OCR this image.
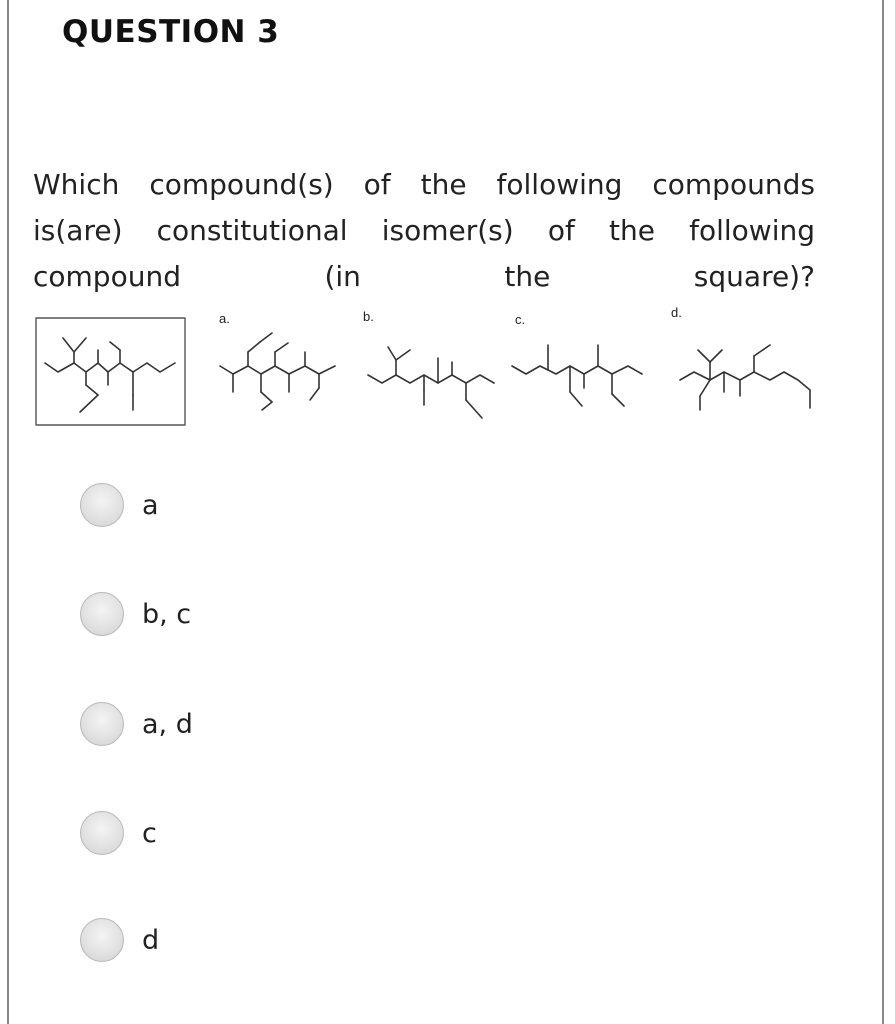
QUESTION 3
Which compound(s) of the following compounds
is(are) constitutional isomer(s) of the following
compound	(in	the	square)?
a.	b.	c.	d.
a
b, c
a, d
c
d
